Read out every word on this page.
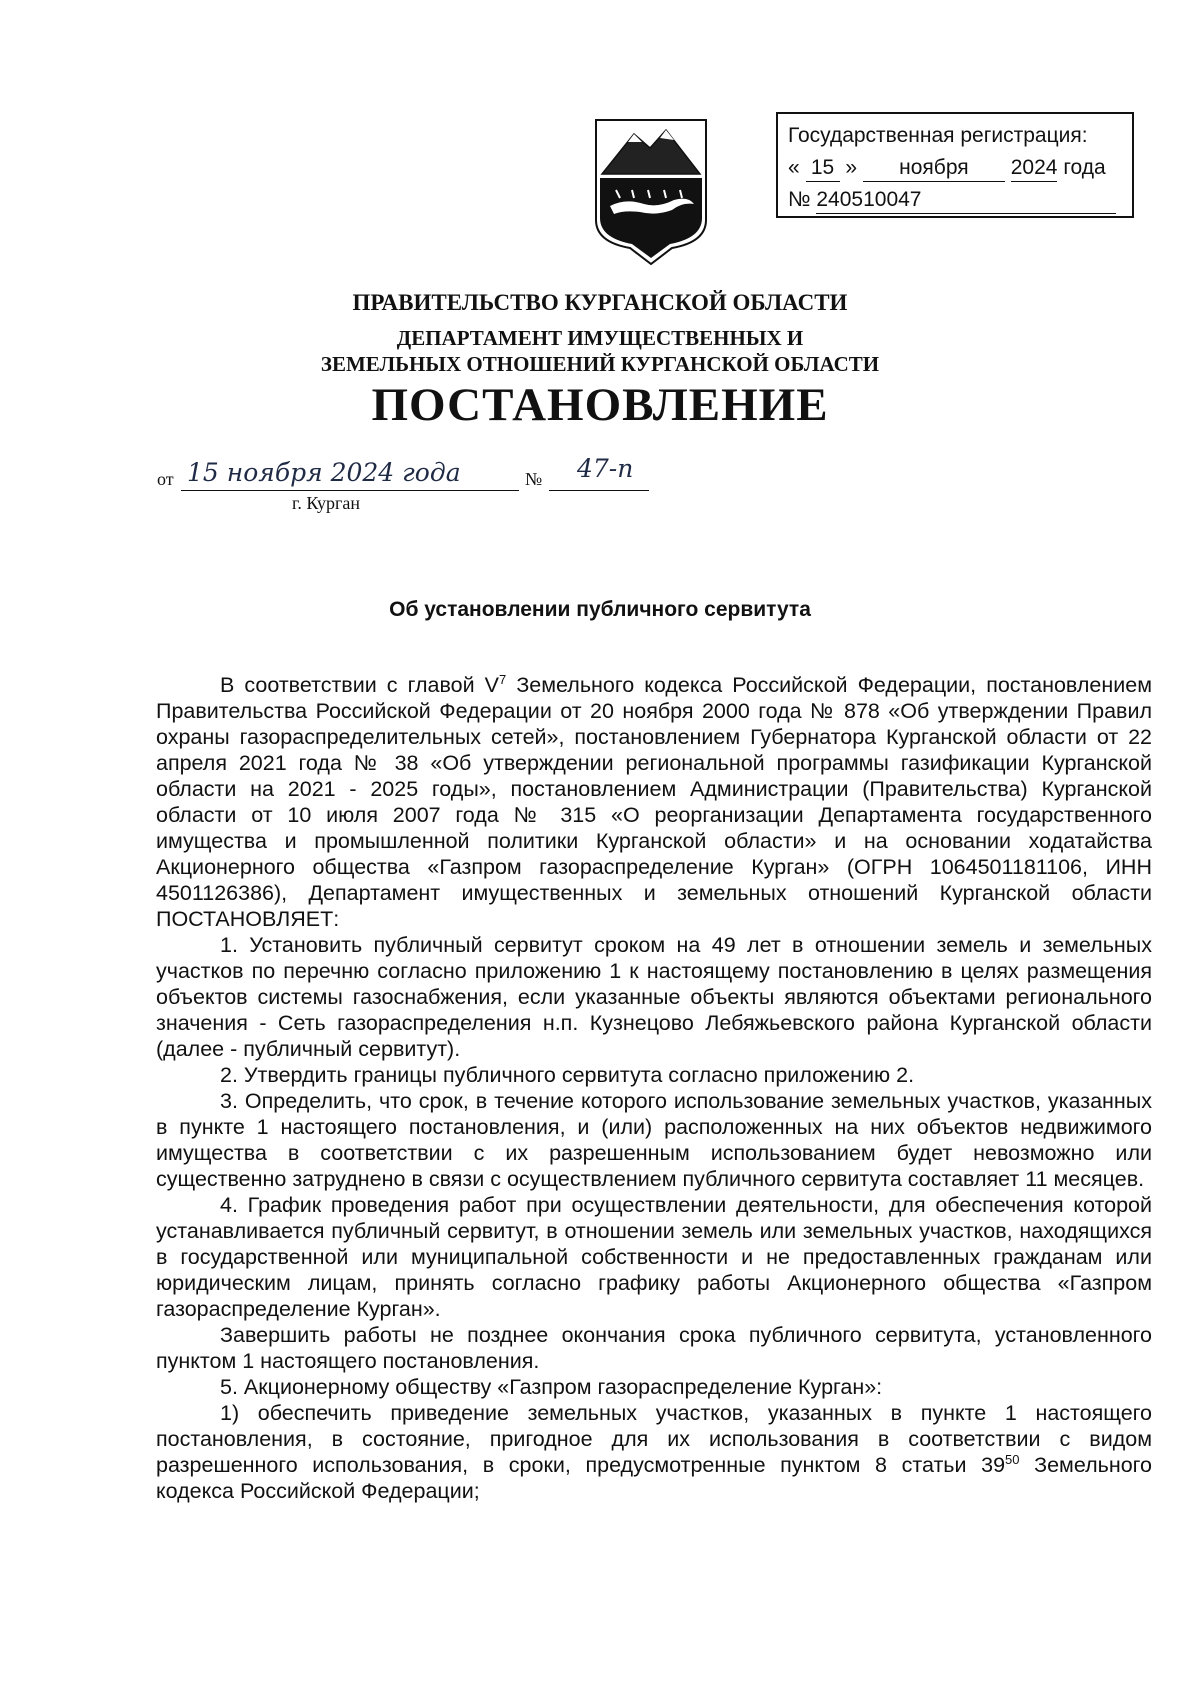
Государственная регистрация:
« 15 » ноября 2024 года
№ 240510047
ПРАВИТЕЛЬСТВО КУРГАНСКОЙ ОБЛАСТИ
ДЕПАРТАМЕНТ ИМУЩЕСТВЕННЫХ И
ЗЕМЕЛЬНЫХ ОТНОШЕНИЙ КУРГАНСКОЙ ОБЛАСТИ
ПОСТАНОВЛЕНИЕ
от 15 ноября 2024 года	№ 47-п
г. Курган
Об установлении публичного сервитута

В соответствии с главой $V^7$ Земельного кодекса Российской Федерации, постановлением Правительства Российской Федерации от 20 ноября 2000 года № 878 «Об утверждении Правил охраны газораспределительных сетей», постановлением Губернатора Курганской области от 22 апреля 2021 года № 38 «Об утверждении региональной программы газификации Курганской области на 2021 - 2025 годы», постановлением Администрации (Правительства) Курганской области от 10 июля 2007 года № 315 «О реорганизации Департамента государственного имущества и промышленной политики Курганской области» и на основании ходатайства Акционерного общества «Газпром газораспределение Курган» (ОГРН 1064501181106, ИНН 4501126386), Департамент имущественных и земельных отношений Курганской области ПОСТАНОВЛЯЕТ:

1. Установить публичный сервитут сроком на 49 лет в отношении земель и земельных участков по перечню согласно приложению 1 к настоящему постановлению в целях размещения объектов системы газоснабжения, если указанные объекты являются объектами регионального значения - Сеть газораспределения н.п. Кузнецово Лебяжьевского района Курганской области (далее - публичный сервитут).

2. Утвердить границы публичного сервитута согласно приложению 2.

3. Определить, что срок, в течение которого использование земельных участков, указанных в пункте 1 настоящего постановления, и (или) расположенных на них объектов недвижимого имущества в соответствии с их разрешенным использованием будет невозможно или существенно затруднено в связи с осуществлением публичного сервитута составляет 11 месяцев.

4. График проведения работ при осуществлении деятельности, для обеспечения которой устанавливается публичный сервитут, в отношении земель или земельных участков, находящихся в государственной или муниципальной собственности и не предоставленных гражданам или юридическим лицам, принять согласно графику работы Акционерного общества «Газпром газораспределение Курган».

Завершить работы не позднее окончания срока публичного сервитута, установленного пунктом 1 настоящего постановления.

5. Акционерному обществу «Газпром газораспределение Курган»:

1) обеспечить приведение земельных участков, указанных в пункте 1 настоящего постановления, в состояние, пригодное для их использования в соответствии с видом разрешенного использования, в сроки, предусмотренные пунктом 8 статьи $39^{50}$ Земельного кодекса Российской Федерации;
